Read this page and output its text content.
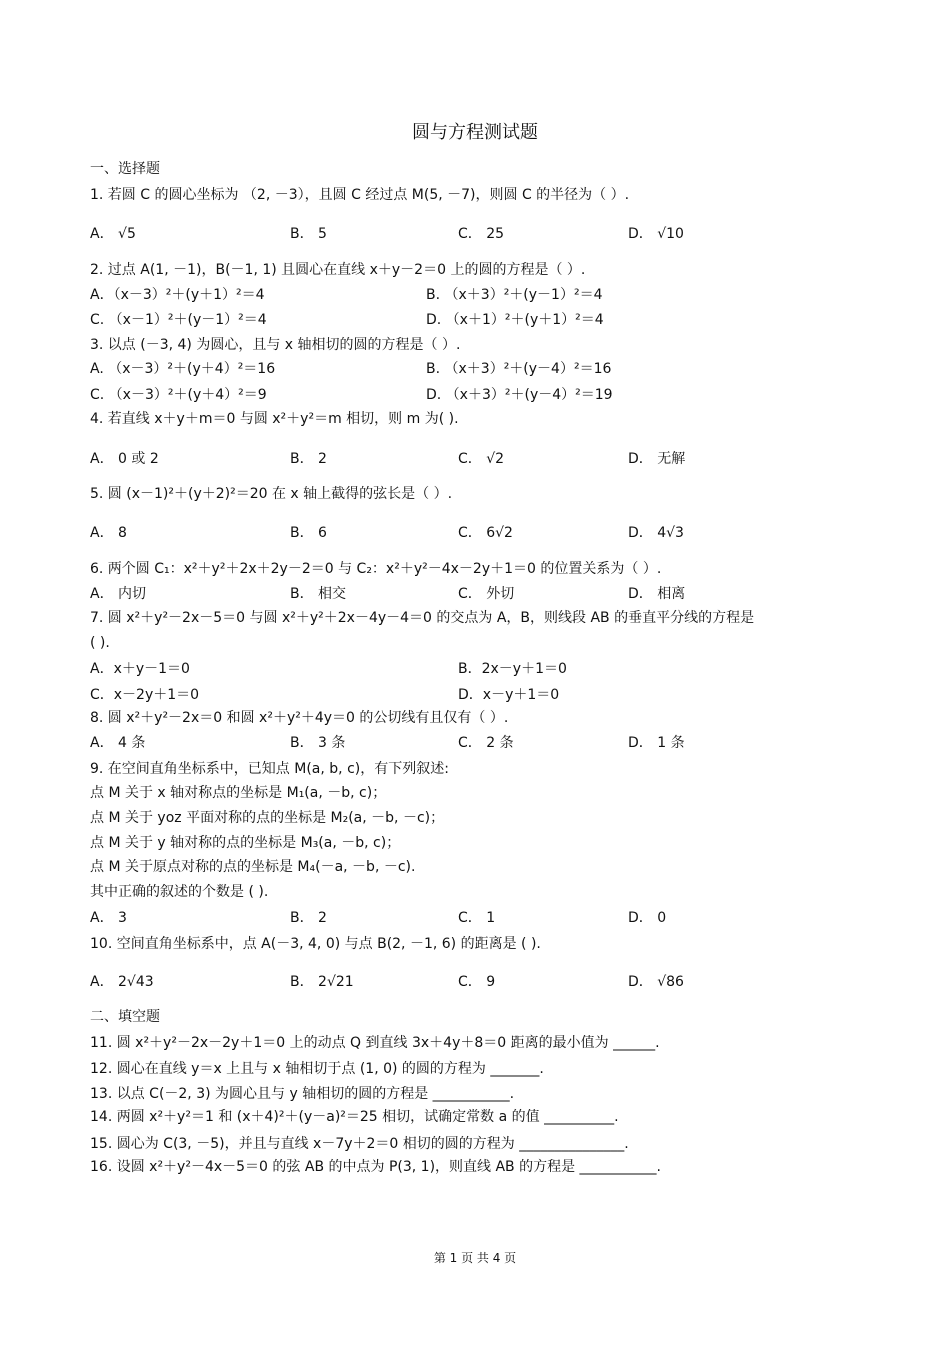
圆与方程测试题
一、选择题
1. 若圆 C 的圆心坐标为 （2, －3），且圆 C 经过点 M(5, －7)，则圆 C 的半径为（ ）.
A． √5	B． 5	C． 25	D． √10
2. 过点 A(1, －1)，B(－1, 1) 且圆心在直线 x＋y－2＝0 上的圆的方程是（ ）.
A．（x－3）²＋(y＋1）²＝4	B. （x＋3）²＋(y－1）²＝4
C. （x－1）²＋(y－1）²＝4	D. （x＋1）²＋(y＋1）²＝4
3. 以点 (－3, 4) 为圆心，且与 x 轴相切的圆的方程是（ ）.
A. （x－3）²＋(y＋4）²＝16	B. （x＋3）²＋(y－4）²＝16
C. （x－3）²＋(y＋4）²＝9	D. （x＋3）²＋(y－4）²＝19
4. 若直线 x＋y＋m＝0 与圆 x²＋y²＝m 相切，则 m 为( ).
A． 0 或 2	B． 2	C． √2	D． 无解
5. 圆 (x－1)²＋(y＋2)²＝20 在 x 轴上截得的弦长是（ ）.
A． 8	B． 6	C． 6√2	D． 4√3
6. 两个圆 C₁：x²＋y²＋2x＋2y－2＝0 与 C₂：x²＋y²－4x－2y＋1＝0 的位置关系为（ ）.
A． 内切	B． 相交	C． 外切	D． 相离
7. 圆 x²＋y²－2x－5＝0 与圆 x²＋y²＋2x－4y－4＝0 的交点为 A，B，则线段 AB 的垂直平分线的方程是
( ).
A．x＋y－1＝0	B．2x－y＋1＝0
C．x－2y＋1＝0	D．x－y＋1＝0
8. 圆 x²＋y²－2x＝0 和圆 x²＋y²＋4y＝0 的公切线有且仅有（ ）.
A． 4 条	B． 3 条	C． 2 条	D． 1 条
9. 在空间直角坐标系中，已知点 M(a, b, c)，有下列叙述:
点 M 关于 x 轴对称点的坐标是 M₁(a, －b, c)；
点 M 关于 yoz 平面对称的点的坐标是 M₂(a, －b, －c)；
点 M 关于 y 轴对称的点的坐标是 M₃(a, －b, c)；
点 M 关于原点对称的点的坐标是 M₄(－a, －b, －c).
其中正确的叙述的个数是 ( ).
A． 3	B． 2	C． 1	D． 0
10. 空间直角坐标系中，点 A(－3, 4, 0) 与点 B(2, －1, 6) 的距离是 ( ).
A． 2√43	B． 2√21	C． 9	D． √86
二、填空题
11. 圆 x²＋y²－2x－2y＋1＝0 上的动点 Q 到直线 3x＋4y＋8＝0 距离的最小值为 ______.
12. 圆心在直线 y＝x 上且与 x 轴相切于点 (1, 0) 的圆的方程为 _______.
13. 以点 C(－2, 3) 为圆心且与 y 轴相切的圆的方程是 ___________.
14. 两圆 x²＋y²＝1 和 (x＋4)²＋(y－a)²＝25 相切，试确定常数 a 的值 __________.
15. 圆心为 C(3, －5)，并且与直线 x－7y＋2＝0 相切的圆的方程为 _______________.
16. 设圆 x²＋y²－4x－5＝0 的弦 AB 的中点为 P(3, 1)，则直线 AB 的方程是 ___________.
第 1 页 共 4 页
